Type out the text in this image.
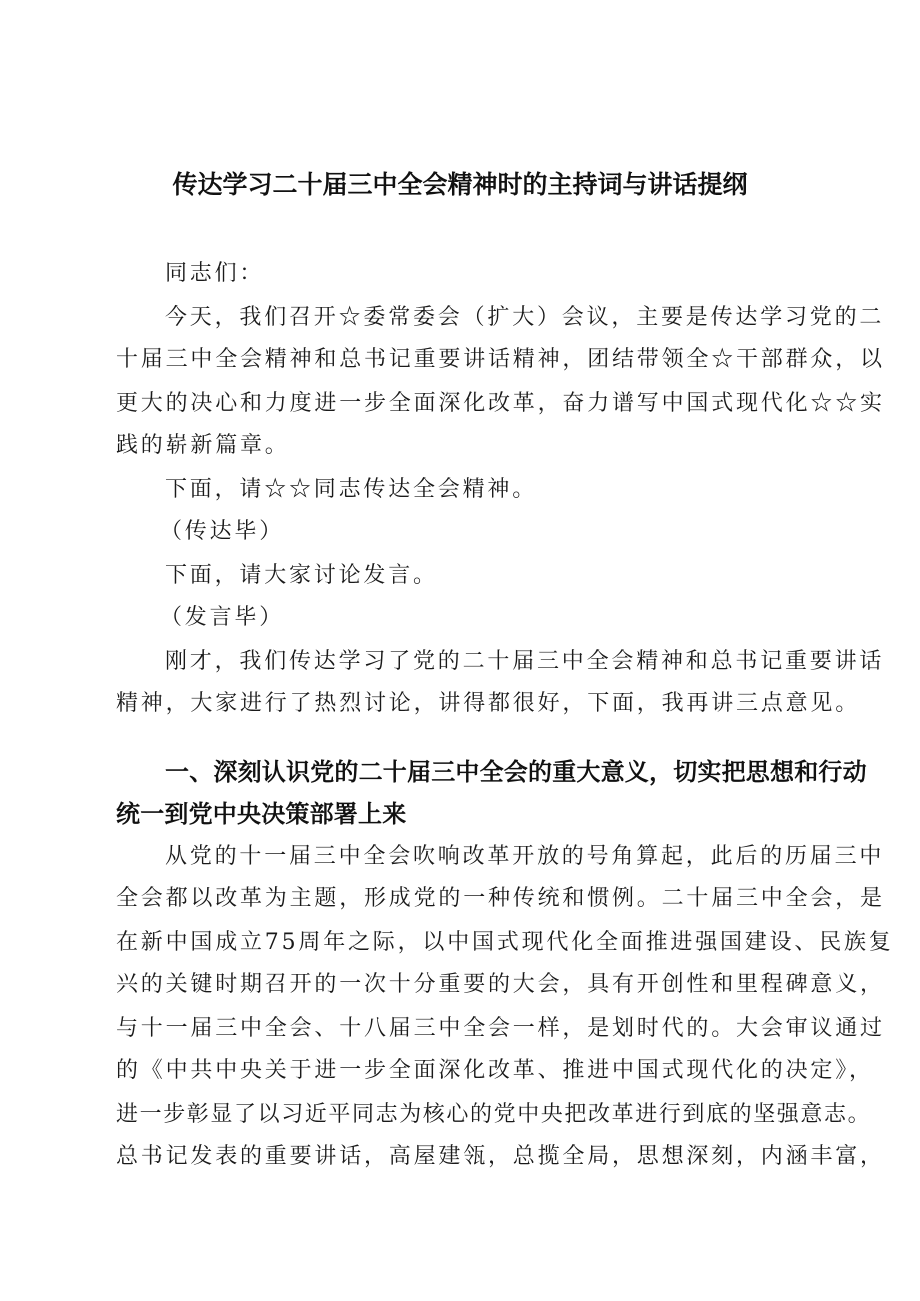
传达学习二十届三中全会精神时的主持词与讲话提纲
同志们：
今天，我们召开☆委常委会（扩大）会议，主要是传达学习党的二
十届三中全会精神和总书记重要讲话精神，团结带领全☆干部群众，以
更大的决心和力度进一步全面深化改革，奋力谱写中国式现代化☆☆实
践的崭新篇章。
下面，请☆☆同志传达全会精神。
（传达毕）
下面，请大家讨论发言。
（发言毕）
刚才，我们传达学习了党的二十届三中全会精神和总书记重要讲话
精神，大家进行了热烈讨论，讲得都很好，下面，我再讲三点意见。
一、深刻认识党的二十届三中全会的重大意义，切实把思想和行动
统一到党中央决策部署上来
从党的十一届三中全会吹响改革开放的号角算起，此后的历届三中
全会都以改革为主题，形成党的一种传统和惯例。二十届三中全会，是
在新中国成立75周年之际，以中国式现代化全面推进强国建设、民族复
兴的关键时期召开的一次十分重要的大会，具有开创性和里程碑意义，
与十一届三中全会、十八届三中全会一样，是划时代的。大会审议通过
的《中共中央关于进一步全面深化改革、推进中国式现代化的决定》，
进一步彰显了以习近平同志为核心的党中央把改革进行到底的坚强意志。
总书记发表的重要讲话，高屋建瓴，总揽全局，思想深刻，内涵丰富，
